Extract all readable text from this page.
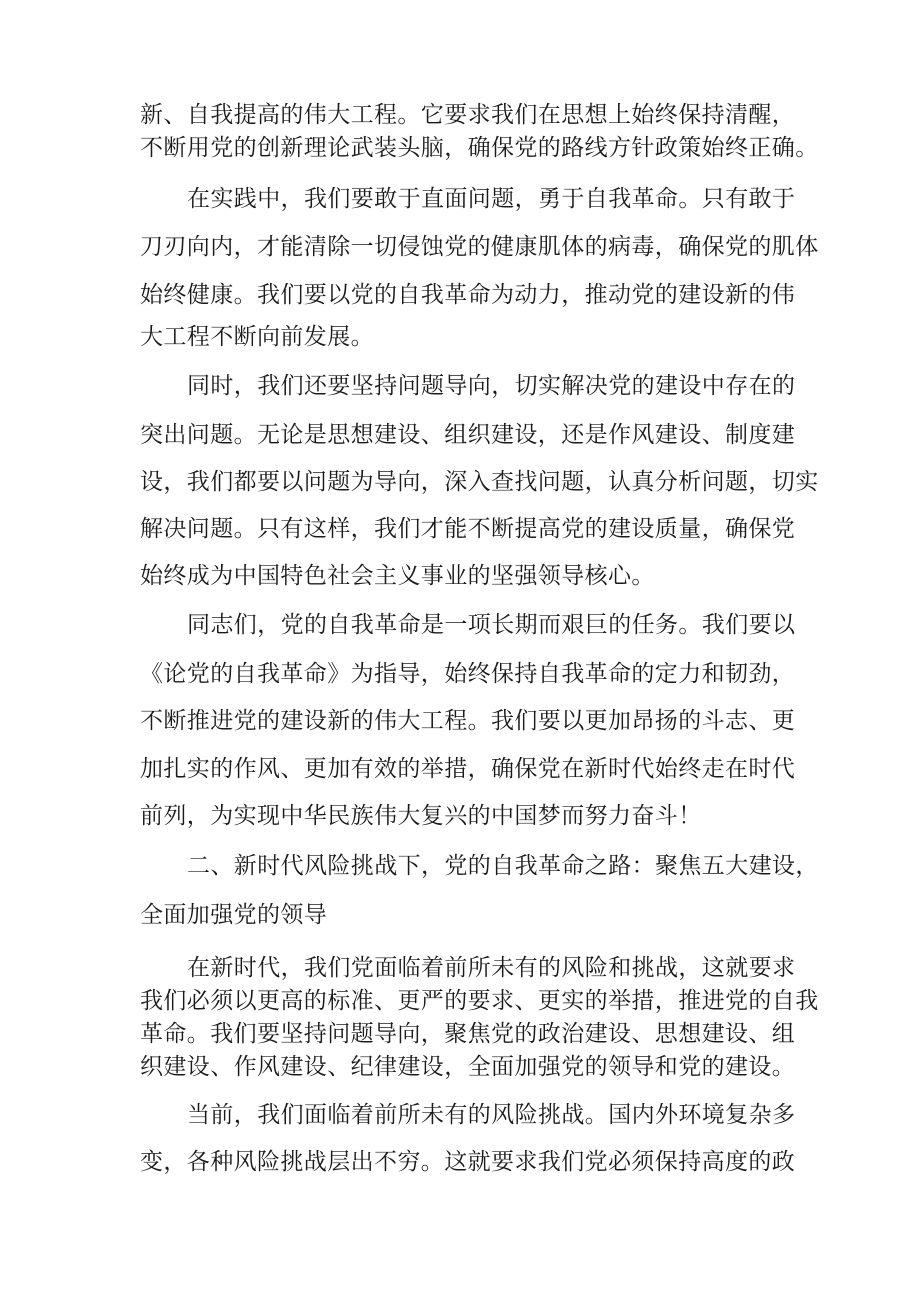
新、自我提高的伟大工程。它要求我们在思想上始终保持清醒，
不断用党的创新理论武装头脑，确保党的路线方针政策始终正确。
在实践中，我们要敢于直面问题，勇于自我革命。只有敢于
刀刃向内，才能清除一切侵蚀党的健康肌体的病毒，确保党的肌体
始终健康。我们要以党的自我革命为动力，推动党的建设新的伟
大工程不断向前发展。
同时，我们还要坚持问题导向，切实解决党的建设中存在的
突出问题。无论是思想建设、组织建设，还是作风建设、制度建
设，我们都要以问题为导向，深入查找问题，认真分析问题，切实
解决问题。只有这样，我们才能不断提高党的建设质量，确保党
始终成为中国特色社会主义事业的坚强领导核心。
同志们，党的自我革命是一项长期而艰巨的任务。我们要以
《论党的自我革命》为指导，始终保持自我革命的定力和韧劲，
不断推进党的建设新的伟大工程。我们要以更加昂扬的斗志、更
加扎实的作风、更加有效的举措，确保党在新时代始终走在时代
前列，为实现中华民族伟大复兴的中国梦而努力奋斗！
二、新时代风险挑战下，党的自我革命之路：聚焦五大建设，
全面加强党的领导
在新时代，我们党面临着前所未有的风险和挑战，这就要求
我们必须以更高的标准、更严的要求、更实的举措，推进党的自我
革命。我们要坚持问题导向，聚焦党的政治建设、思想建设、组
织建设、作风建设、纪律建设，全面加强党的领导和党的建设。
当前，我们面临着前所未有的风险挑战。国内外环境复杂多
变，各种风险挑战层出不穷。这就要求我们党必须保持高度的政
